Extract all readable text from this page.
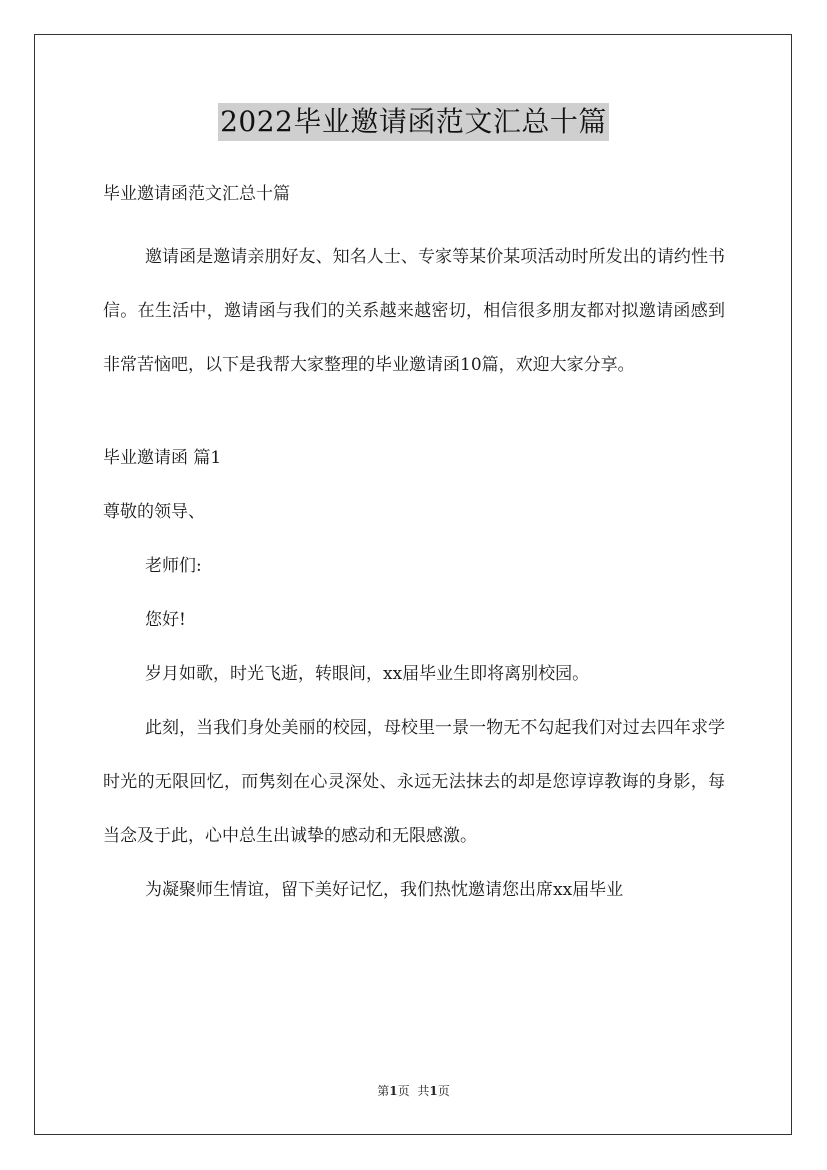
2022毕业邀请函范文汇总十篇
毕业邀请函范文汇总十篇

邀请函是邀请亲朋好友、知名人士、专家等某价某项活动时所发出的请约性书信。在生活中，邀请函与我们的关系越来越密切，相信很多朋友都对拟邀请函感到非常苦恼吧，以下是我帮大家整理的毕业邀请函10篇，欢迎大家分享。

毕业邀请函 篇1
尊敬的领导、
老师们:
您好!

岁月如歌，时光飞逝，转眼间，xx届毕业生即将离别校园。

此刻，当我们身处美丽的校园，母校里一景一物无不勾起我们对过去四年求学时光的无限回忆，而隽刻在心灵深处、永远无法抹去的却是您谆谆教诲的身影，每当念及于此，心中总生出诚挚的感动和无限感激。

为凝聚师生情谊，留下美好记忆，我们热忱邀请您出席xx届毕业

第1页 共1页
